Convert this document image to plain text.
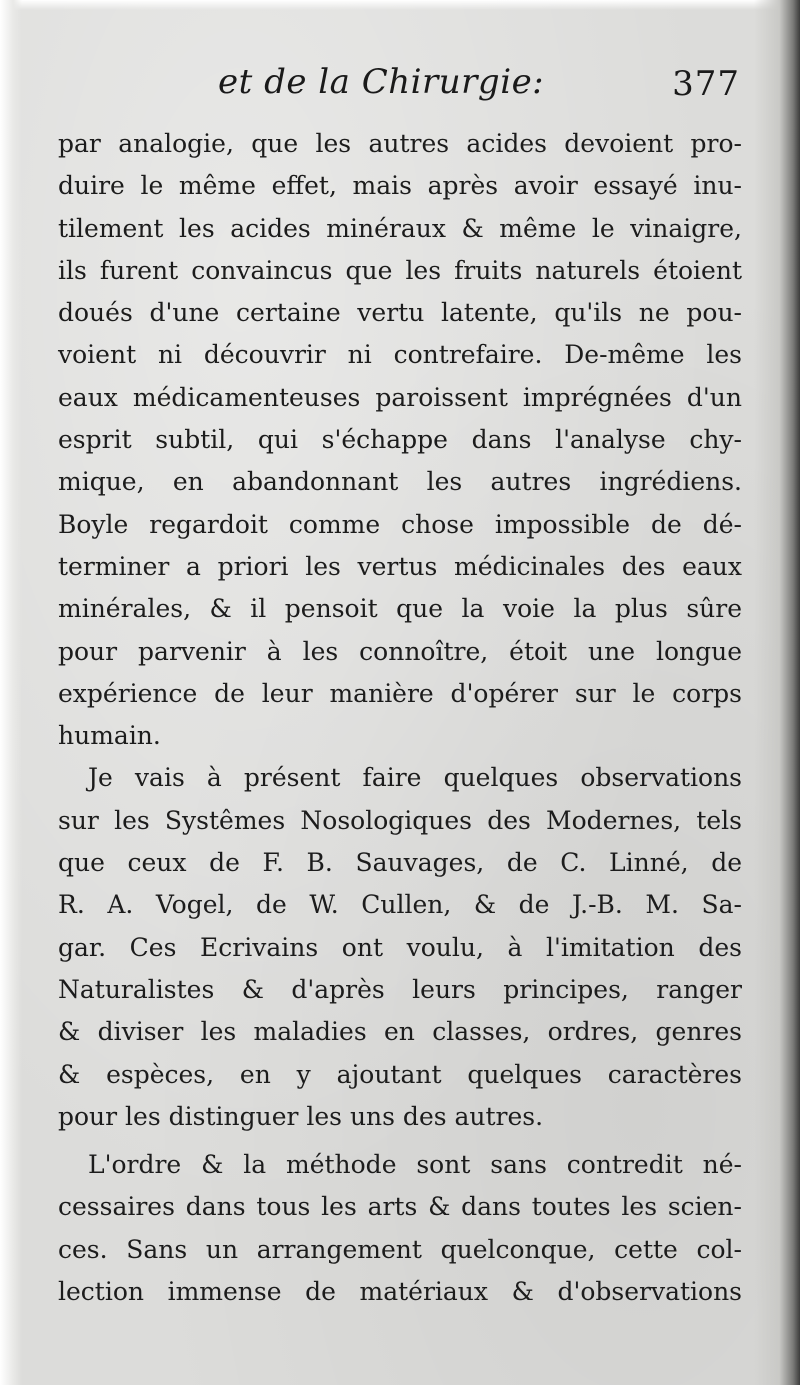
et de la Chirurgie:	377
par analogie, que les autres acides devoient pro-
duire le même effet, mais après avoir essayé inu-
tilement les acides minéraux & même le vinaigre,
ils furent convaincus que les fruits naturels étoient
doués d'une certaine vertu latente, qu'ils ne pou-
voient ni découvrir ni contrefaire. De-même les
eaux médicamenteuses paroissent imprégnées d'un
esprit subtil, qui s'échappe dans l'analyse chy-
mique, en abandonnant les autres ingrédiens.
Boyle regardoit comme chose impossible de dé-
terminer a priori les vertus médicinales des eaux
minérales, & il pensoit que la voie la plus sûre
pour parvenir à les connoître, étoit une longue
expérience de leur manière d'opérer sur le corps
humain.
Je vais à présent faire quelques observations
sur les Systêmes Nosologiques des Modernes, tels
que ceux de F. B. Sauvages, de C. Linné, de
R. A. Vogel, de W. Cullen, & de J.-B. M. Sa-
gar. Ces Ecrivains ont voulu, à l'imitation des
Naturalistes & d'après leurs principes, ranger
& diviser les maladies en classes, ordres, genres
& espèces, en y ajoutant quelques caractères
pour les distinguer les uns des autres.
L'ordre & la méthode sont sans contredit né-
cessaires dans tous les arts & dans toutes les scien-
ces. Sans un arrangement quelconque, cette col-
lection immense de matériaux & d'observations
